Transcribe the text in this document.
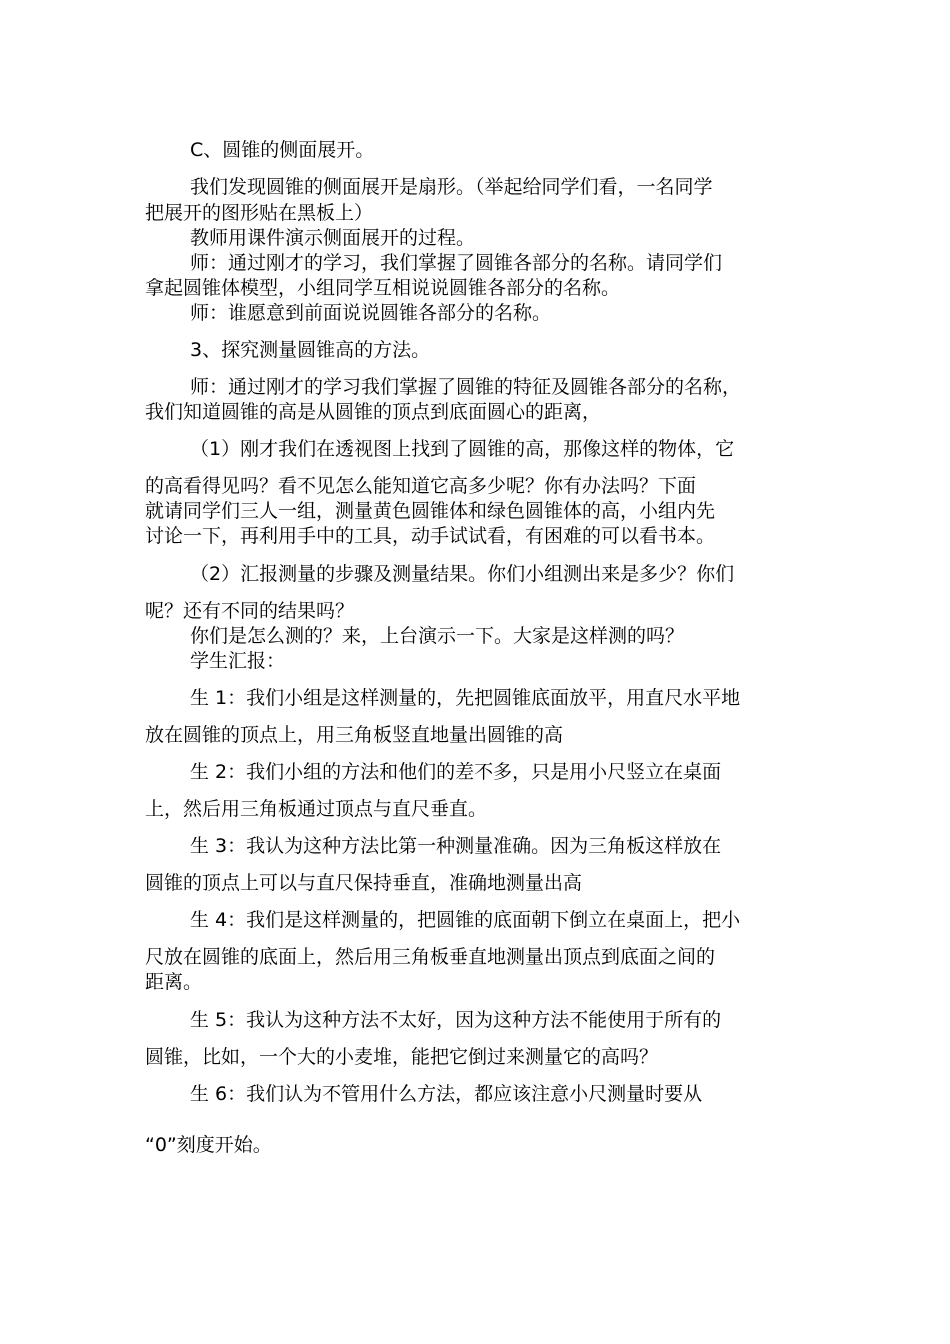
C、圆锥的侧面展开。
我们发现圆锥的侧面展开是扇形。（举起给同学们看，一名同学
把展开的图形贴在黑板上）
教师用课件演示侧面展开的过程。
师：通过刚才的学习，我们掌握了圆锥各部分的名称。请同学们
拿起圆锥体模型，小组同学互相说说圆锥各部分的名称。
师：谁愿意到前面说说圆锥各部分的名称。
3、探究测量圆锥高的方法。
师：通过刚才的学习我们掌握了圆锥的特征及圆锥各部分的名称，
我们知道圆锥的高是从圆锥的顶点到底面圆心的距离，
（1）刚才我们在透视图上找到了圆锥的高，那像这样的物体，它
的高看得见吗？看不见怎么能知道它高多少呢？你有办法吗？下面
就请同学们三人一组，测量黄色圆锥体和绿色圆锥体的高，小组内先
讨论一下，再利用手中的工具，动手试试看，有困难的可以看书本。
（2）汇报测量的步骤及测量结果。你们小组测出来是多少？你们
呢？还有不同的结果吗？
你们是怎么测的？来，上台演示一下。大家是这样测的吗？
学生汇报：
生 1：我们小组是这样测量的，先把圆锥底面放平，用直尺水平地
放在圆锥的顶点上，用三角板竖直地量出圆锥的高
生 2：我们小组的方法和他们的差不多，只是用小尺竖立在桌面
上，然后用三角板通过顶点与直尺垂直。
生 3：我认为这种方法比第一种测量准确。因为三角板这样放在
圆锥的顶点上可以与直尺保持垂直，准确地测量出高
生 4：我们是这样测量的，把圆锥的底面朝下倒立在桌面上，把小
尺放在圆锥的底面上，然后用三角板垂直地测量出顶点到底面之间的
距离。
生 5：我认为这种方法不太好，因为这种方法不能使用于所有的
圆锥，比如，一个大的小麦堆，能把它倒过来测量它的高吗？
生 6：我们认为不管用什么方法，都应该注意小尺测量时要从
“0”刻度开始。
